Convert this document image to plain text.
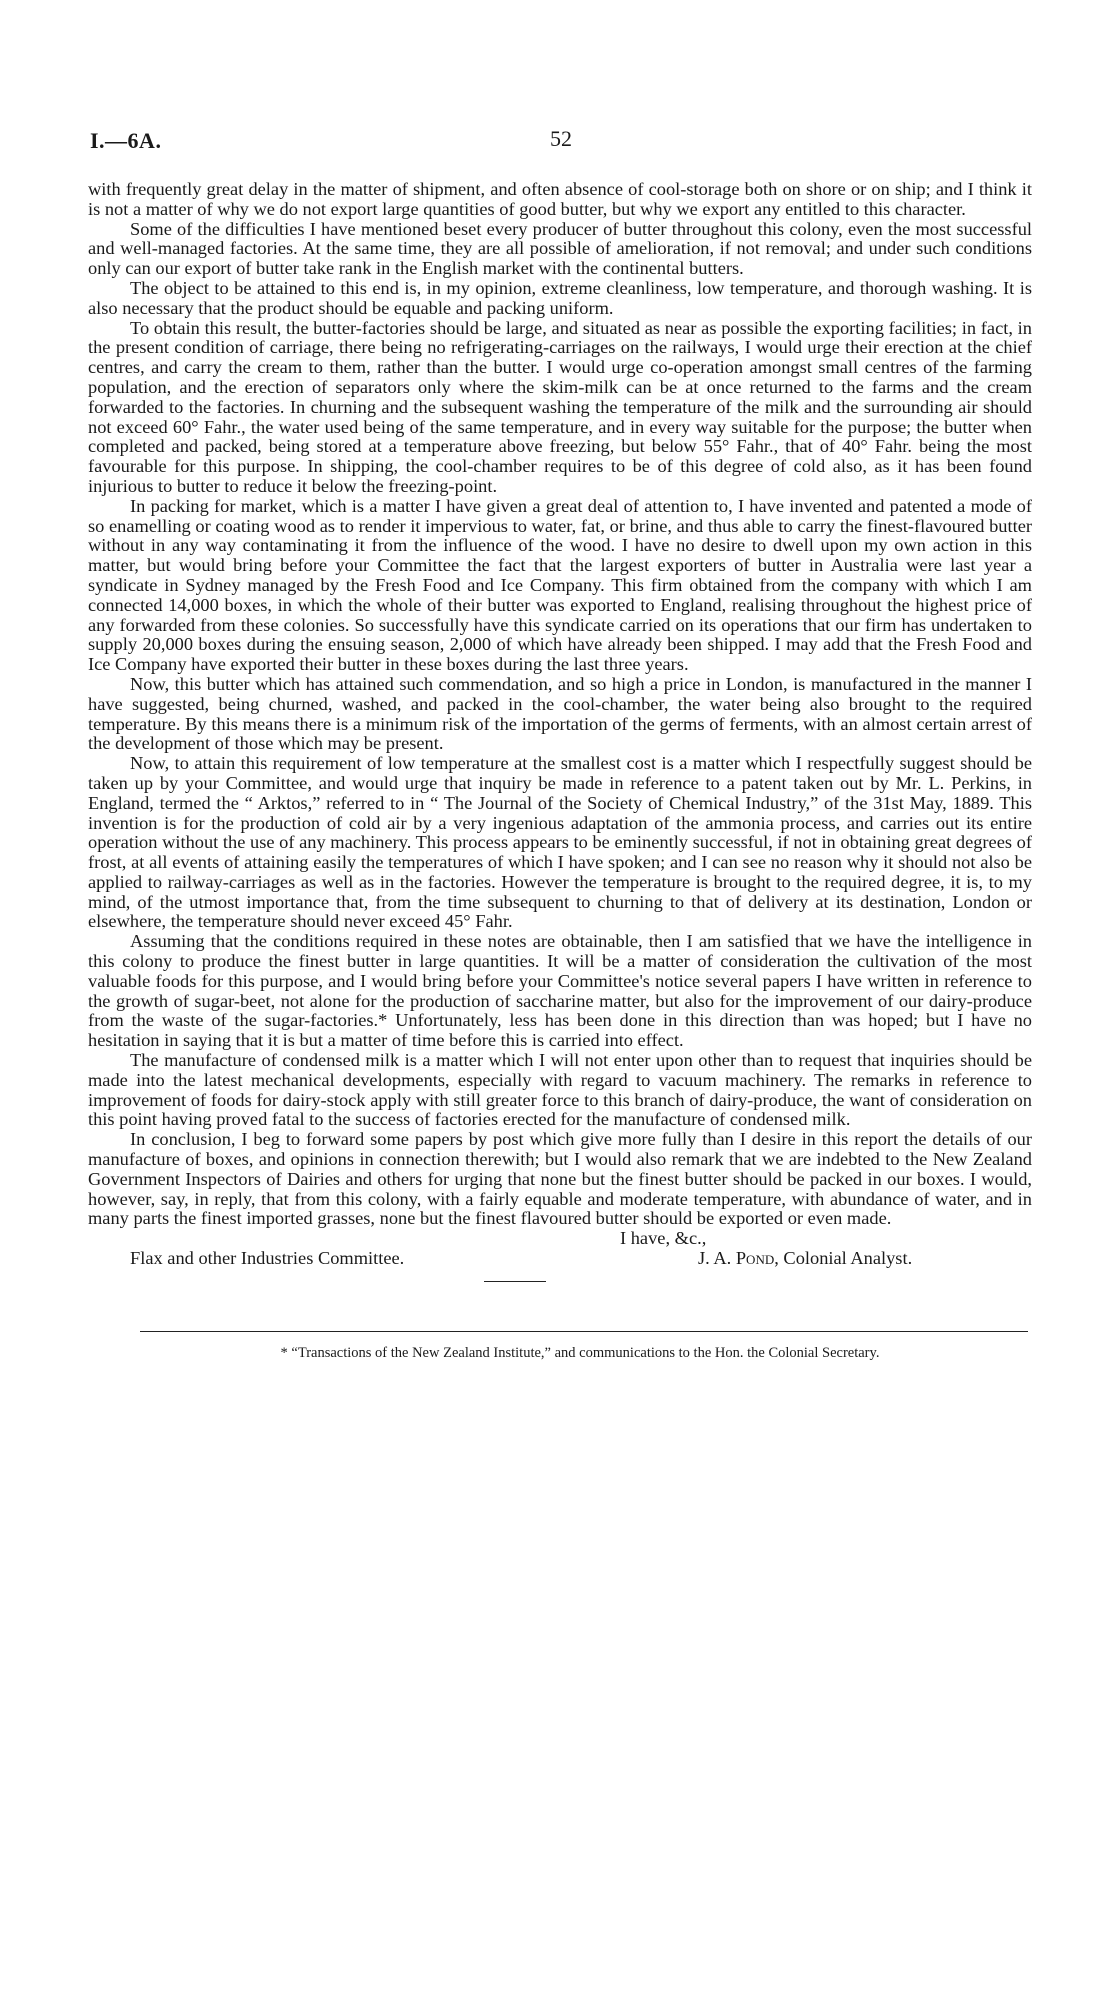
I.—6A.	52

with frequently great delay in the matter of shipment, and often absence of cool-storage both on shore or on ship; and I think it is not a matter of why we do not export large quantities of good butter, but why we export any entitled to this character.

Some of the difficulties I have mentioned beset every producer of butter throughout this colony, even the most successful and well-managed factories. At the same time, they are all possible of amelioration, if not removal; and under such conditions only can our export of butter take rank in the English market with the continental butters.

The object to be attained to this end is, in my opinion, extreme cleanliness, low temperature, and thorough washing. It is also necessary that the product should be equable and packing uniform.

To obtain this result, the butter-factories should be large, and situated as near as possible the exporting facilities; in fact, in the present condition of carriage, there being no refrigerating-carriages on the railways, I would urge their erection at the chief centres, and carry the cream to them, rather than the butter. I would urge co-operation amongst small centres of the farming population, and the erection of separators only where the skim-milk can be at once returned to the farms and the cream forwarded to the factories. In churning and the subsequent washing the temperature of the milk and the surrounding air should not exceed 60° Fahr., the water used being of the same temperature, and in every way suitable for the purpose; the butter when completed and packed, being stored at a temperature above freezing, but below 55° Fahr., that of 40° Fahr. being the most favourable for this purpose. In shipping, the cool-chamber requires to be of this degree of cold also, as it has been found injurious to butter to reduce it below the freezing-point.

In packing for market, which is a matter I have given a great deal of attention to, I have invented and patented a mode of so enamelling or coating wood as to render it impervious to water, fat, or brine, and thus able to carry the finest-flavoured butter without in any way contaminating it from the influence of the wood. I have no desire to dwell upon my own action in this matter, but would bring before your Committee the fact that the largest exporters of butter in Australia were last year a syndicate in Sydney managed by the Fresh Food and Ice Company. This firm obtained from the company with which I am connected 14,000 boxes, in which the whole of their butter was exported to England, realising throughout the highest price of any forwarded from these colonies. So successfully have this syndicate carried on its operations that our firm has undertaken to supply 20,000 boxes during the ensuing season, 2,000 of which have already been shipped. I may add that the Fresh Food and Ice Company have exported their butter in these boxes during the last three years.

Now, this butter which has attained such commendation, and so high a price in London, is manufactured in the manner I have suggested, being churned, washed, and packed in the cool-chamber, the water being also brought to the required temperature. By this means there is a minimum risk of the importation of the germs of ferments, with an almost certain arrest of the development of those which may be present.

Now, to attain this requirement of low temperature at the smallest cost is a matter which I respectfully suggest should be taken up by your Committee, and would urge that inquiry be made in reference to a patent taken out by Mr. L. Perkins, in England, termed the “ Arktos,” referred to in “ The Journal of the Society of Chemical Industry,” of the 31st May, 1889. This invention is for the production of cold air by a very ingenious adaptation of the ammonia process, and carries out its entire operation without the use of any machinery. This process appears to be eminently successful, if not in obtaining great degrees of frost, at all events of attaining easily the temperatures of which I have spoken; and I can see no reason why it should not also be applied to railway-carriages as well as in the factories. However the temperature is brought to the required degree, it is, to my mind, of the utmost importance that, from the time subsequent to churning to that of delivery at its destination, London or elsewhere, the temperature should never exceed 45° Fahr.

Assuming that the conditions required in these notes are obtainable, then I am satisfied that we have the intelligence in this colony to produce the finest butter in large quantities. It will be a matter of consideration the cultivation of the most valuable foods for this purpose, and I would bring before your Committee's notice several papers I have written in reference to the growth of sugar-beet, not alone for the production of saccharine matter, but also for the improvement of our dairy-produce from the waste of the sugar-factories.* Unfortunately, less has been done in this direction than was hoped; but I have no hesitation in saying that it is but a matter of time before this is carried into effect.

The manufacture of condensed milk is a matter which I will not enter upon other than to request that inquiries should be made into the latest mechanical developments, especially with regard to vacuum machinery. The remarks in reference to improvement of foods for dairy-stock apply with still greater force to this branch of dairy-produce, the want of consideration on this point having proved fatal to the success of factories erected for the manufacture of condensed milk.

In conclusion, I beg to forward some papers by post which give more fully than I desire in this report the details of our manufacture of boxes, and opinions in connection therewith; but I would also remark that we are indebted to the New Zealand Government Inspectors of Dairies and others for urging that none but the finest butter should be packed in our boxes. I would, however, say, in reply, that from this colony, with a fairly equable and moderate temperature, with abundance of water, and in many parts the finest imported grasses, none but the finest flavoured butter should be exported or even made.

I have, &c.,
Flax and other Industries Committee.	J. A. Pond, Colonial Analyst.
* “Transactions of the New Zealand Institute,” and communications to the Hon. the Colonial Secretary.
